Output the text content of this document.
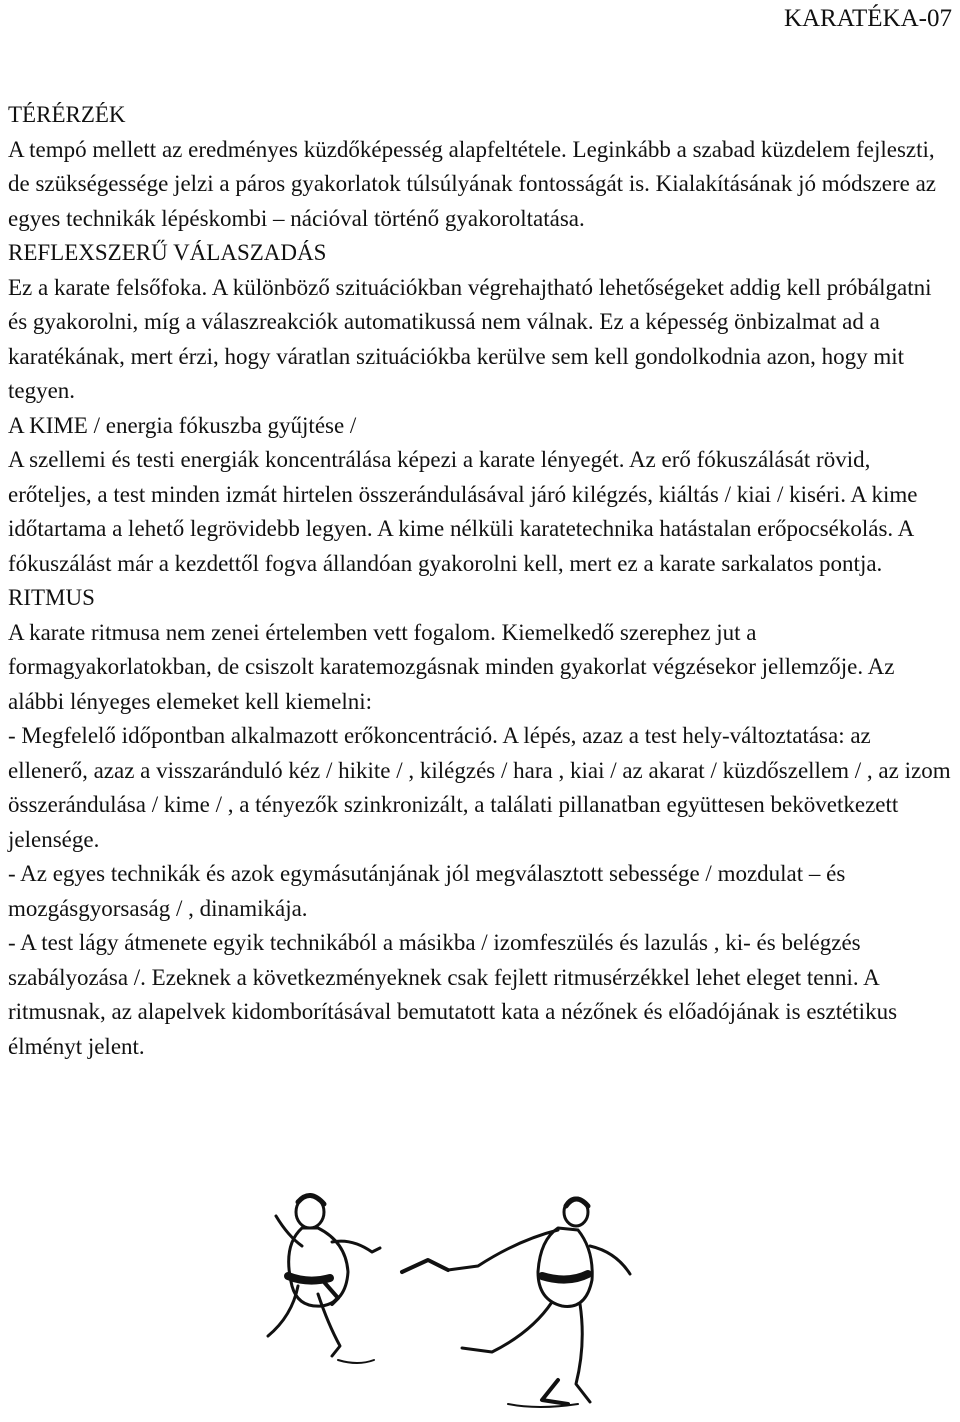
KARATÉKA-07

TÉRÉRZÉK

A tempó mellett az eredményes küzdőképesség alapfeltétele. Leginkább a szabad küzdelem fejleszti, de szükségessége jelzi a páros gyakorlatok túlsúlyának fontosságát is. Kialakításának jó módszere az egyes technikák lépéskombi – nációval történő gyakoroltatása.

REFLEXSZERŰ VÁLASZADÁS

Ez a karate felsőfoka. A különböző szituációkban végrehajtható lehetőségeket addig kell próbálgatni és gyakorolni, míg a válaszreakciók automatikussá nem válnak. Ez a képesség önbizalmat ad a karatékának, mert érzi, hogy váratlan szituációkba kerülve sem kell gondolkodnia azon, hogy mit tegyen.

A KIME / energia fókuszba gyűjtése /

A szellemi és testi energiák koncentrálása képezi a karate lényegét. Az erő fókuszálását rövid, erőteljes, a test minden izmát hirtelen összerándulásával járó kilégzés, kiáltás / kiai / kiséri. A kime időtartama a lehető legrövidebb legyen. A kime nélküli karatetechnika hatástalan erőpocsékolás. A fókuszálást már a kezdettől fogva állandóan gyakorolni kell, mert ez a karate sarkalatos pontja.

RITMUS

A karate ritmusa nem zenei értelemben vett fogalom. Kiemelkedő szerephez jut a formagyakorlatokban, de csiszolt karatemozgásnak minden gyakorlat végzésekor jellemzője. Az alábbi lényeges elemeket kell kiemelni:

- Megfelelő időpontban alkalmazott erőkoncentráció. A lépés, azaz a test hely-változtatása: az ellenerő, azaz a visszaránduló kéz / hikite / , kilégzés / hara , kiai / az akarat / küzdőszellem / , az izom összerándulása / kime / , a tényezők szinkronizált, a találati pillanatban együttesen bekövetkezett jelensége.

- Az egyes technikák és azok egymásutánjának jól megválasztott sebessége / mozdulat – és mozgásgyorsaság / , dinamikája.

- A test lágy átmenete egyik technikából a másikba / izomfeszülés és lazulás , ki- és belégzés szabályozása /. Ezeknek a következményeknek csak fejlett ritmusérzékkel lehet eleget tenni. A ritmusnak, az alapelvek kidomborításával bemutatott kata a nézőnek és előadójának is esztétikus élményt jelent.
